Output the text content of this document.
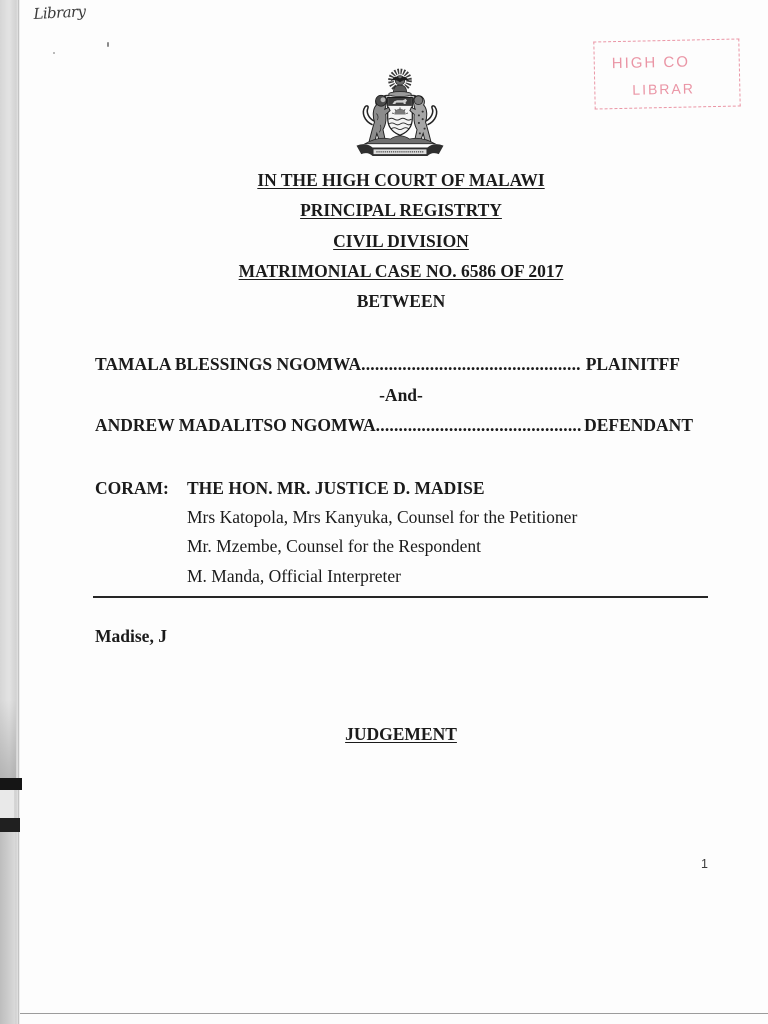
Library
HIGH CO
LIBRAR
IN THE HIGH COURT OF MALAWI
PRINCIPAL REGISTRTY
CIVIL DIVISION
MATRIMONIAL CASE NO. 6586 OF 2017
BETWEEN
TAMALA BLESSINGS NGOMWA ................................................ PLAINITFF
-And-
ANDREW MADALITSO NGOMWA ............................................. DEFENDANT
CORAM: THE HON. MR. JUSTICE D. MADISE
Mrs Katopola, Mrs Kanyuka, Counsel for the Petitioner
Mr. Mzembe, Counsel for the Respondent
M. Manda, Official Interpreter
Madise, J
JUDGEMENT
1
